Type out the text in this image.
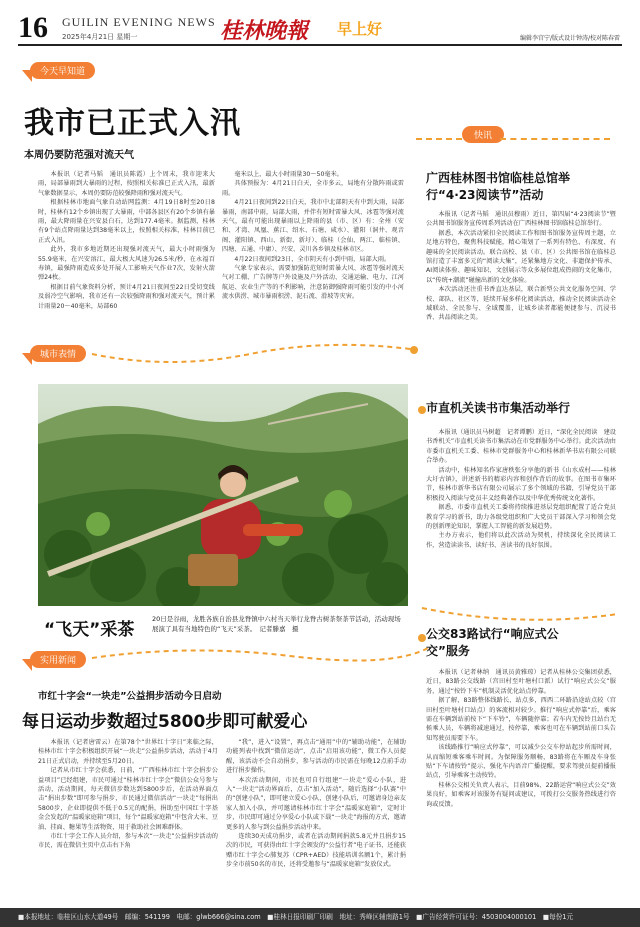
16 GUILIN EVENING NEWS
2025年4月21日 星期一	桂林晚報 早上好
编辑李宫宁/版式设计钟涛/校对陈春雷
今天早知道
我市已正式入汛
本周仍要防范强对流天气

本报讯（记者马韬　通讯员陈霞）上个周末，我市迎来大雨，局部暴雨到大暴雨的过程，按照相关标准已正式入汛，最新气象数据显示，本周仍要防范较强降雨和强对流天气。

根据桂林市地面气象自动站网监测：4月19日8时至20日8时，桂林有12个乡镇出现了大暴雨，中部各县区有20个乡镇有暴雨，最大降雨量在兴安县白石，达到177.4毫米。据监测，桂林有9个站点降雨量达到38毫米以上，按照相关标准，桂林目前已正式入汛。

此外，我市多地近期还出现强对流天气，最大小时雨强为55.9毫米，在兴安溶江，最大极大风速为26.5米/秒，在永福百寿镇，最强降雨造成多处开展人工影响天气作业7次，发射火箭弹24枚。

根据目前气象资料分析，预计4月21日夜间至22日受切变线及弱冷空气影响，我市还有一次较强降雨和强对流天气，预计累计雨量20～40毫米，局部60

毫米以上，最大小时雨量30～50毫米。

具体预报为：4月21日白天，全市多云，局地有分散阵雨或雷雨。

4月21日夜间到22日白天，我市中北部阴天有中到大雨，局部暴雨，南部中雨，局部大雨，并伴有短时雷暴大风、冰雹等强对流天气，最有可能出现暴雨以上降雨的县（市、区）有：全州（安和、才湾、凤凰、蕉江、绍水、石塘、咸水）、灌阳（洞井、观音阁、灌阳镇、西山、新街、新圩）、临桂（会仙、两江、临桂镇、四塘、五通、中庸）、兴安、灵川各乡镇及桂林市区。

4月22日夜间到23日，全市阴天有小到中雨，局部大雨。

气象专家表示，需要加强防范短时雷暴大风、冰雹等强对流天气对工棚、广告牌等户外设施及户外活动、交通运输、电力、江河航运、农业生产等的不利影响，注意防御强降雨可能引发的中小河流水供涝、城市暴雨积涝、泥石流、滑坡等灾害。

快讯
城市表情
“飞天”采茶
20日是谷雨，龙胜各族自治县龙脊镇中六村当天举行龙脊古树茶祭茶节活动，活动现场展演了具有当地特色的“飞天”采茶。　记者滕嘉　摄
实用新闻
市红十字会“一块走”公益捐步活动今日启动
每日运动步数超过5800步即可献爱心

本报讯（记者唐雷云）在第78个“世界红十字日”来临之际，桂林市红十字会积极组织开展“一块走”公益捐步活动，活动于4月21日正式启动，并持续至5月20日。

记者从市红十字会获悉，日前，“广西桂林市红十字会捐步公益项目”已经组建，市民可通过“桂林市红十字会”微信公众号参与活动，活动期间，每天微信步数达到5800步后，在活动界面点击“捐出步数”即可参与捐步，市民通过微信活动“一块走”每捐出5800步，企业即提供不低于0.5元的配捐，捐助至中国红十字基金会发起的“温暖家庭箱”项目，每个“温暖家庭箱”中包含大米、豆油、挂面、糖果等生活物资，用于救助社会困难群体。

市红十字会工作人员介绍，参与本次“一块走”公益捐步活动的市民，需在微信主页中点击右下角

“我”，进入“设置”，再点击“通用”中的“辅助功能”，在辅助功能列表中找到“微信运动”，点击“启用该功能”，微工作人员提醒，该活动不会自动捐步，参与活动的市民需在每晚12点前手动进行捐步操作。

本次活动期间，市民也可自行组建“一块走”爱心小队，进入“一块走”活动界面后，点击“加入活动”，随后选择“小队赛”中的“创建小队”，即可建立爱心小队，创建小队后，可邀请身边亲友家人加入小队，并可邀请桂林市红十字会“温暖家庭箱”，定时计步，市民即可通过分享爱心小队或下载“一块走”海报的方式，邀请更多的人参与到公益捐步活动中来。

连续30天成功捐步，或者在活动期间捐款5.8元并且捐步15次的市民，可获得由红十字会颁发的“公益行者”电子证书，还能获赠市红十字会心肺复苏（CPR+AED）技能培训名额1个，累计捐步全市前50名的市民，还将受邀参与“温暖家庭箱”发放仪式。

广西桂林图书馆临桂总馆举行“4·23阅读节”活动

本报讯（记者马韬　通讯员穆雨）近日，第四届“4·23阅读节”暨公共图书馆服务宣传周系列活动在广西桂林图书馆临桂总馆举行。

据悉，本次活动紧扣全民阅读工作和图书馆服务宣传周主题，立足地方特色，聚焦科技赋能，精心策划了一系列有特色、有深度、有趣味的全民阅读活动。联合高校、县（市、区）公共图书馆在临桂总馆打造了丰富多元的“阅读大集”，还紧集地方文化、非遗保护传承、AI阅读体验、趣味知识、文创展示等众多展位组成热闹的文化集市，以“传统+潮流”碰撞出新的文化体验。

本次活动还注重书香直达基层，联合新型公共文化服务空间、学校、部队、社区等，延续开展多样化阅读活动，推动全民阅读活动全域联动、全民参与、全域覆盖，让城乡读者都能便捷参与、沉浸书香、共品阅读之美。

市直机关读书市集活动举行

本报讯（通讯员马树超　记者谭鹏）近日，“深化全民阅读　建设书香机关”市直机关读书市集活动在市党群服务中心举行。此次活动由市委市直机关工委、桂林市党群服务中心和桂林新华书店有限公司联合举办。

活动中，桂林知名作家唐秩张分享他的新书《山水成村——桂林大圩古镇》，讲述新书的精彩内容和创作背后的故事。在图书市集环节，桂林市新华书店有限公司展示了多个领域的书籍，引导党员干部积极投入阅读与党员丰义经典著作以及中华优秀传统文化著作。

据悉，市委市直机关工委将持续推进基层党组织配置了适合党员教育学习的新书，助力各级党组织和广大党员干部深入学习和领会党的创新理论知识，掌握人工智能的新发展趋势。

主办方表示，他们将以此次活动为契机，持续深化全民阅读工作，营造读读书、读好书、善读书的良好氛围。

公交83路试行“响应式公交”服务

本报讯（记者林纳　通讯员黄雅琼）记者从桂林公交集团获悉，近日，83路公交线路（宫田村至叶塘村口派）试行“响应式公交”服务，通过“按铃下车”机制灵活优化站点停靠。

据了解，83路整体线路长、站点多，西西二环路沿途站点较（宫田村至叶塘村口站点）的客流相对较少。推行“响应式停靠”后，乘客需在车辆到站前按下“下车铃”，车辆随停靠；若车内无按铃且站台无候乘人员，车辆将减速通过，按停靠，乘客也可在车辆到站前口头告知驾驶员需要下车。

该线路推行“响应式停靠”，可以减少公交车停站起步所需时间，从而缩短乘客乘车时间。为保障服务顺畅，83路将在车厢及车身张贴“下车请按铃”提示，强化车内语音广播提醒，要求驾驶员提前播报站点，引导乘客主动按铃。

桂林公交相关负责人表示，目前98%、22路运营“响应式公交”效果良好，如乘客对该服务有疑问或建议，可拨打公交服务热线进行咨询或反馈。

■本报地址：临桂区山水大道49号　邮编：541199　电邮：glwb666@sina.com　■桂林日报印刷厂印刷　地址：秀峰区辅南路1号　■广告经营许可证号：4503004000101　■每份1元
